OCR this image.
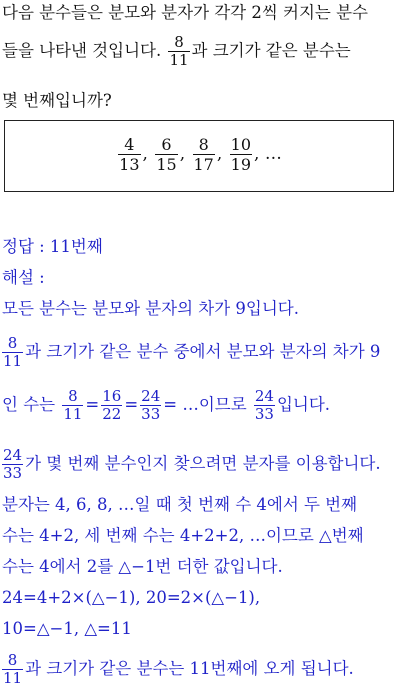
다음 분수들은 분모와 분자가 각각 2씩 커지는 분수
들을 나타낸 것입니다. $\frac{8}{11}$ 과 크기가 같은 분수는
몇 번째입니까?
$\frac{4}{13}$ , $\frac{6}{15}$ , $\frac{8}{17}$ , $\frac{10}{19}$ , …
정답 : 11번째
해설 :
모든 분수는 분모와 분자의 차가 9입니다.
$\frac{8}{11}$ 과 크기가 같은 분수 중에서 분모와 분자의 차가 9
인 수는 $\frac{8}{11} = \frac{16}{22} = \frac{24}{33}$ = …이므로 $\frac{24}{33}$ 입니다.
$\frac{24}{33}$ 가 몇 번째 분수인지 찾으려면 분자를 이용합니다.
분자는 4, 6, 8, …일 때 첫 번째 수 4에서 두 번째
수는 4+2, 세 번째 수는 4+2+2, …이므로 △번째
수는 4에서 2를 △−1번 더한 값입니다.
24=4+2×(△−1), 20=2×(△−1),
10=△−1, △=11
$\frac{8}{11}$ 과 크기가 같은 분수는 11번째에 오게 됩니다.
